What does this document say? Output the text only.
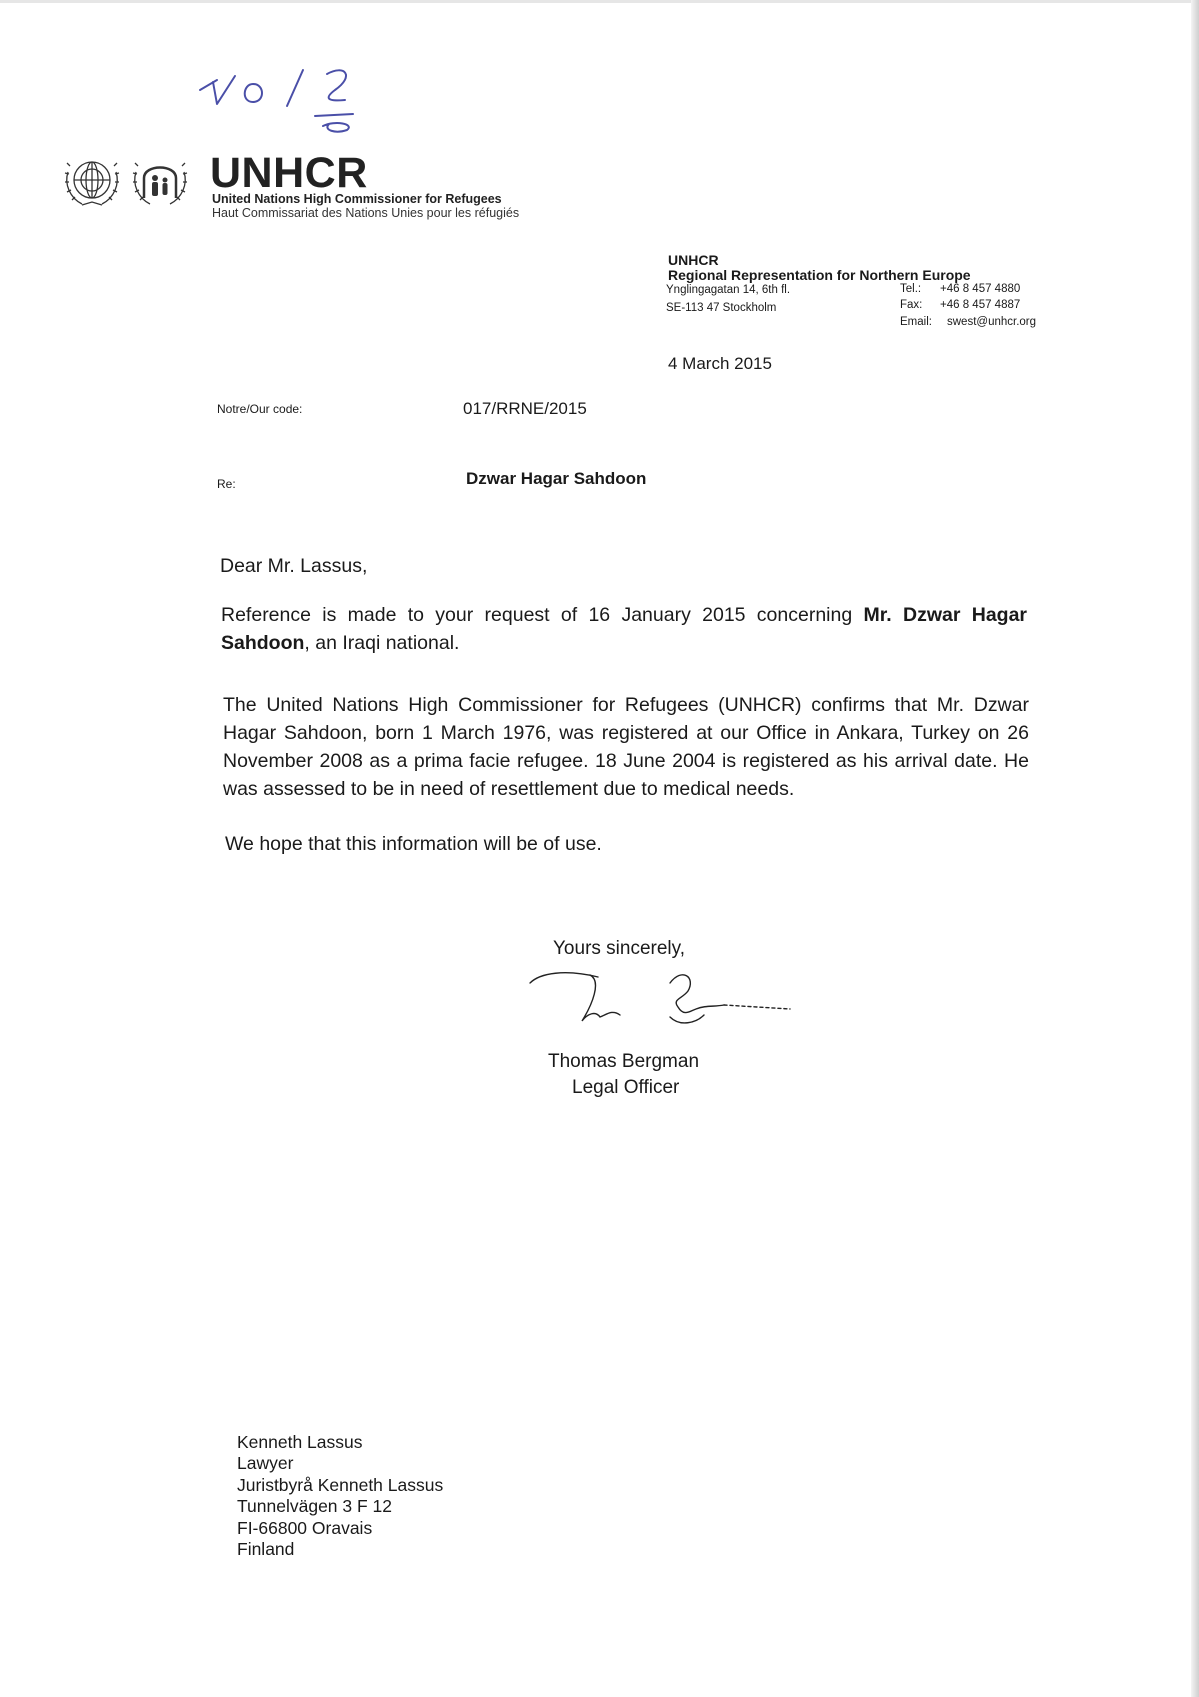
UNHCR
United Nations High Commissioner for Refugees
Haut Commissariat des Nations Unies pour les réfugiés
UNHCR
Regional Representation for Northern Europe
Ynglingagatan 14, 6th fl.
SE-113 47 Stockholm
Tel.: +46 8 457 4880
Fax: +46 8 457 4887
Email: swest@unhcr.org
4 March 2015
Notre/Our code:	017/RRNE/2015
Re:	Dzwar Hagar Sahdoon
Dear Mr. Lassus,
Reference is made to your request of 16 January 2015 concerning Mr. Dzwar Hagar Sahdoon, an Iraqi national.
The United Nations High Commissioner for Refugees (UNHCR) confirms that Mr. Dzwar Hagar Sahdoon, born 1 March 1976, was registered at our Office in Ankara, Turkey on 26 November 2008 as a prima facie refugee. 18 June 2004 is registered as his arrival date. He was assessed to be in need of resettlement due to medical needs.
We hope that this information will be of use.
Yours sincerely,
Thomas Bergman
Legal Officer
Kenneth Lassus
Lawyer
Juristbyrå Kenneth Lassus
Tunnelvägen 3 F 12
FI-66800 Oravais
Finland
